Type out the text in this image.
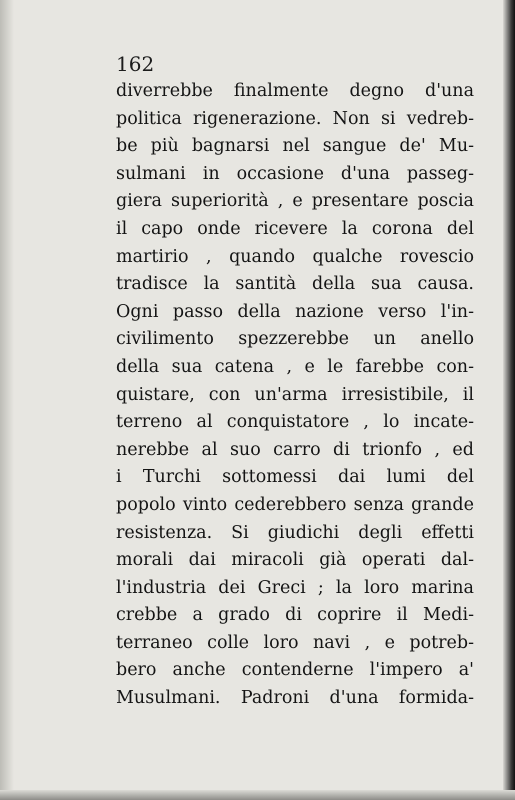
162
diverrebbe finalmente degno d'una
politica rigenerazione. Non si vedreb-
be più bagnarsi nel sangue de' Mu-
sulmani in occasione d'una passeg-
giera superiorità , e presentare poscia
il capo onde ricevere la corona del
martirio , quando qualche rovescio
tradisce la santità della sua causa.
Ogni passo della nazione verso l'in-
civilimento spezzerebbe un anello
della sua catena , e le farebbe con-
quistare, con un'arma irresistibile, il
terreno al conquistatore , lo incate-
nerebbe al suo carro di trionfo , ed
i Turchi sottomessi dai lumi del
popolo vinto cederebbero senza grande
resistenza. Si giudichi degli effetti
morali dai miracoli già operati dal-
l'industria dei Greci ; la loro marina
crebbe a grado di coprire il Medi-
terraneo colle loro navi , e potreb-
bero anche contenderne l'impero a'
Musulmani. Padroni d'una formida-
